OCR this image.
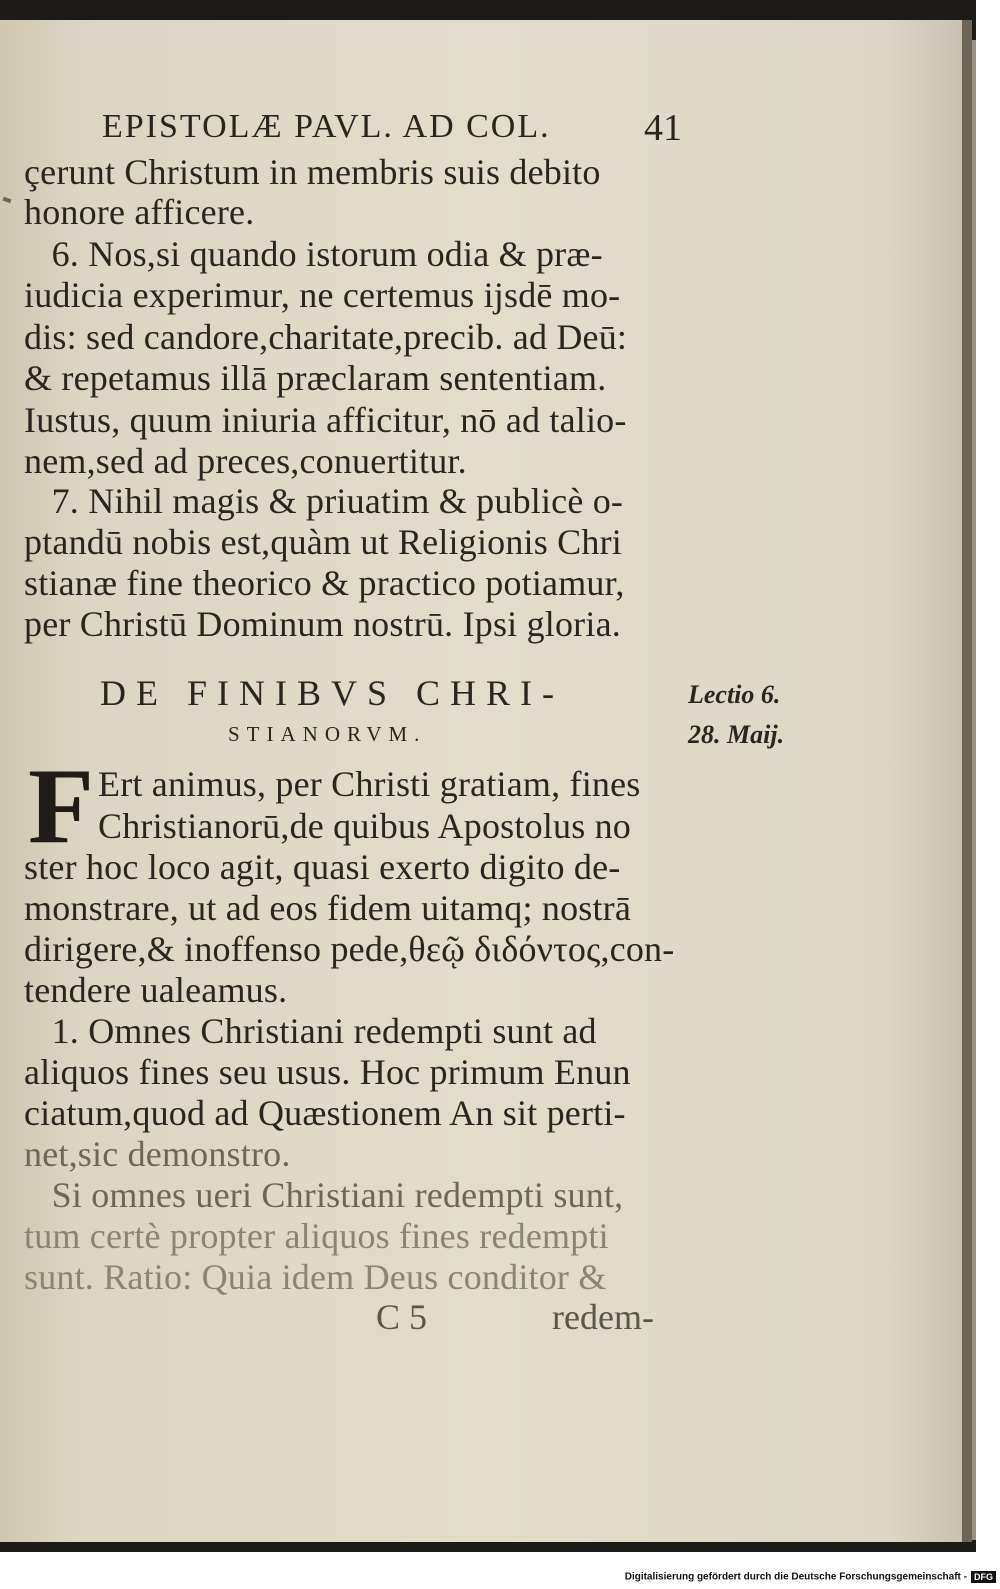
EPISTOLÆ PAVL. AD COL. 41
çerunt Christum in membris suis debito
honore afficere.
6. Nos,si quando istorum odia & præ-
iudicia experimur, ne certemus ijsdē mo-
dis: sed candore,charitate,precib. ad Deū:
& repetamus illā præclaram sententiam.
Iustus, quum iniuria afficitur, nō ad talio-
nem,sed ad preces,conuertitur.
7. Nihil magis & priuatim & publicè o-
ptandū nobis est,quàm ut Religionis Chri
stianæ fine theorico & practico potiamur,
per Christū Dominum nostrū. Ipsi gloria.
DE FINIBVS CHRI-
STIANORVM.
Lectio 6.
28. Maij.
F Ert animus, per Christi gratiam, fines
Christianorū,de quibus Apostolus no
ster hoc loco agit, quasi exerto digito de-
monstrare, ut ad eos fidem uitamq; nostrā
dirigere,& inoffenso pede,θεῷ διδόντος,con-
tendere ualeamus.
1. Omnes Christiani redempti sunt ad
aliquos fines seu usus. Hoc primum Enun
ciatum,quod ad Quæstionem An sit perti-
net,sic demonstro.
Si omnes ueri Christiani redempti sunt,
tum certè propter aliquos fines redempti
sunt. Ratio: Quia idem Deus conditor &
C 5	redem-
Digitalisierung gefördert durch die Deutsche Forschungsgemeinschaft - DFG
